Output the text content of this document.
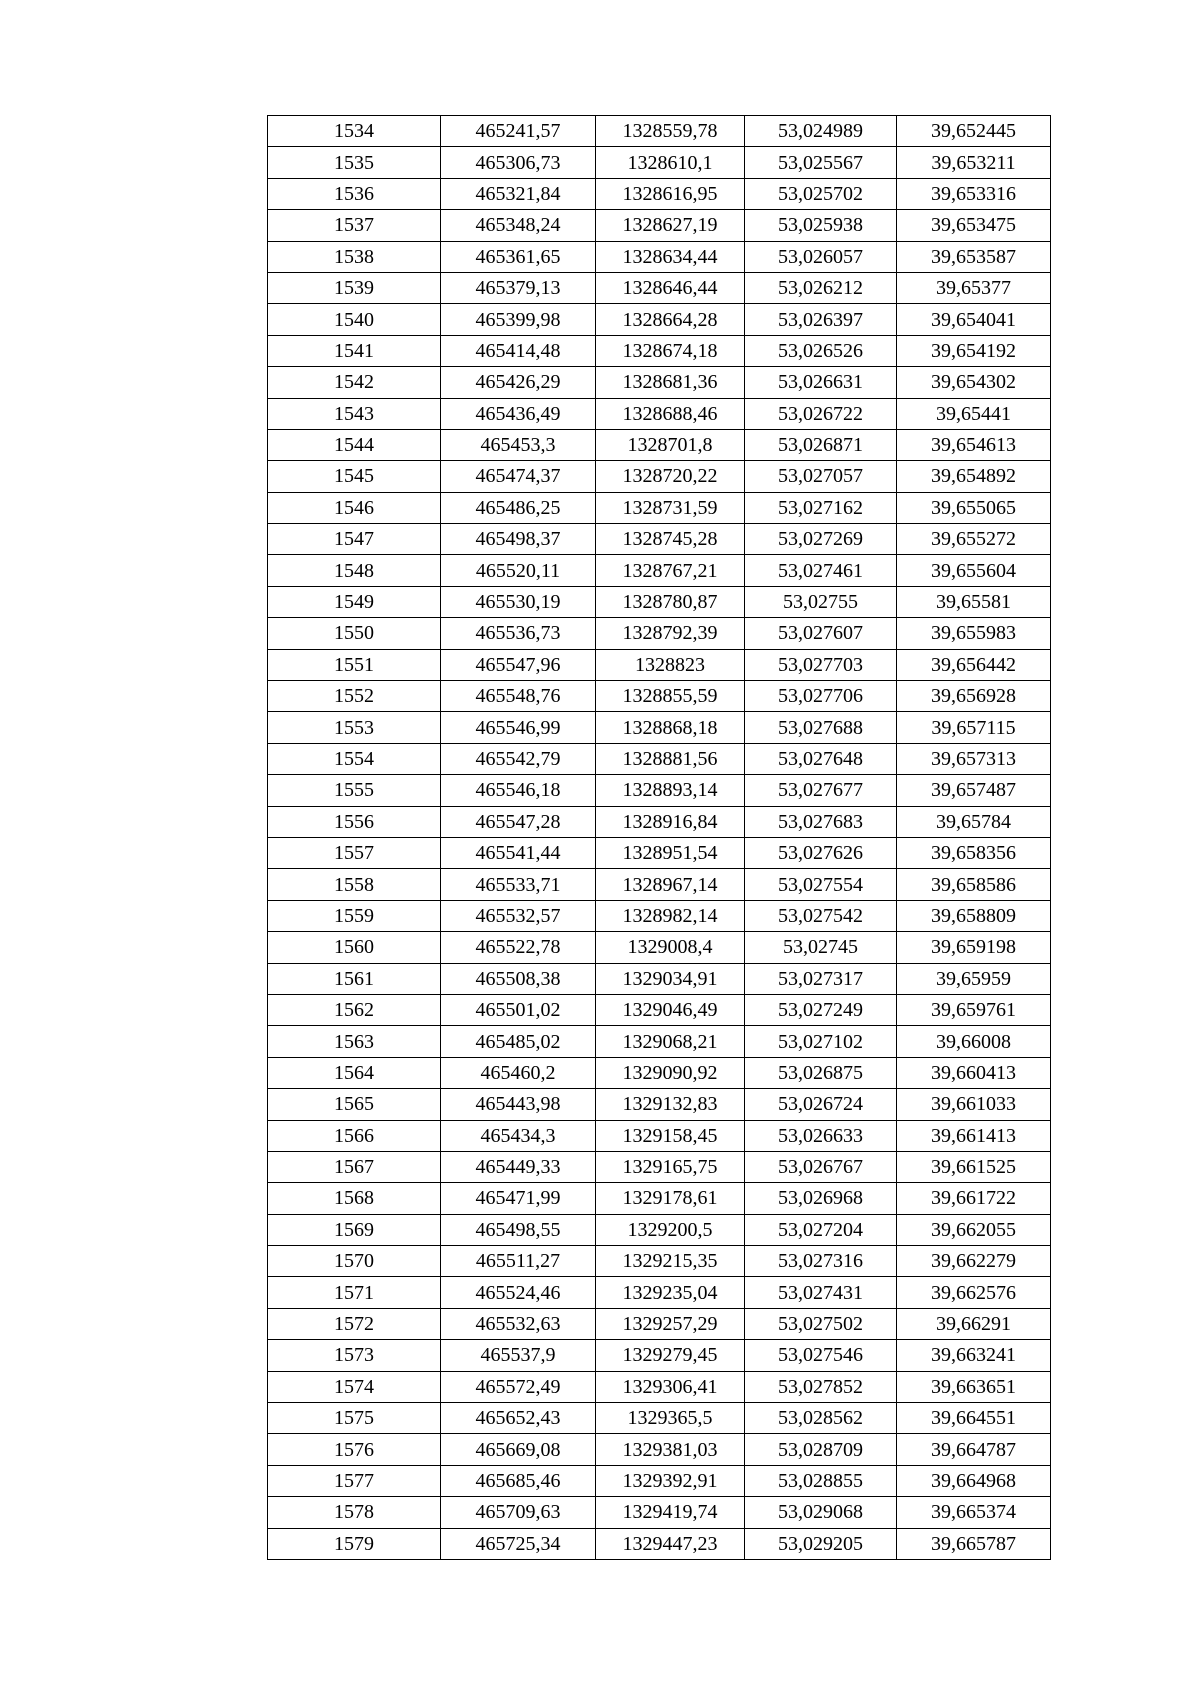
1534	465241,57	1328559,78	53,024989	39,652445
1535	465306,73	1328610,1	53,025567	39,653211
1536	465321,84	1328616,95	53,025702	39,653316
1537	465348,24	1328627,19	53,025938	39,653475
1538	465361,65	1328634,44	53,026057	39,653587
1539	465379,13	1328646,44	53,026212	39,65377
1540	465399,98	1328664,28	53,026397	39,654041
1541	465414,48	1328674,18	53,026526	39,654192
1542	465426,29	1328681,36	53,026631	39,654302
1543	465436,49	1328688,46	53,026722	39,65441
1544	465453,3	1328701,8	53,026871	39,654613
1545	465474,37	1328720,22	53,027057	39,654892
1546	465486,25	1328731,59	53,027162	39,655065
1547	465498,37	1328745,28	53,027269	39,655272
1548	465520,11	1328767,21	53,027461	39,655604
1549	465530,19	1328780,87	53,02755	39,65581
1550	465536,73	1328792,39	53,027607	39,655983
1551	465547,96	1328823	53,027703	39,656442
1552	465548,76	1328855,59	53,027706	39,656928
1553	465546,99	1328868,18	53,027688	39,657115
1554	465542,79	1328881,56	53,027648	39,657313
1555	465546,18	1328893,14	53,027677	39,657487
1556	465547,28	1328916,84	53,027683	39,65784
1557	465541,44	1328951,54	53,027626	39,658356
1558	465533,71	1328967,14	53,027554	39,658586
1559	465532,57	1328982,14	53,027542	39,658809
1560	465522,78	1329008,4	53,02745	39,659198
1561	465508,38	1329034,91	53,027317	39,65959
1562	465501,02	1329046,49	53,027249	39,659761
1563	465485,02	1329068,21	53,027102	39,66008
1564	465460,2	1329090,92	53,026875	39,660413
1565	465443,98	1329132,83	53,026724	39,661033
1566	465434,3	1329158,45	53,026633	39,661413
1567	465449,33	1329165,75	53,026767	39,661525
1568	465471,99	1329178,61	53,026968	39,661722
1569	465498,55	1329200,5	53,027204	39,662055
1570	465511,27	1329215,35	53,027316	39,662279
1571	465524,46	1329235,04	53,027431	39,662576
1572	465532,63	1329257,29	53,027502	39,66291
1573	465537,9	1329279,45	53,027546	39,663241
1574	465572,49	1329306,41	53,027852	39,663651
1575	465652,43	1329365,5	53,028562	39,664551
1576	465669,08	1329381,03	53,028709	39,664787
1577	465685,46	1329392,91	53,028855	39,664968
1578	465709,63	1329419,74	53,029068	39,665374
1579	465725,34	1329447,23	53,029205	39,665787
